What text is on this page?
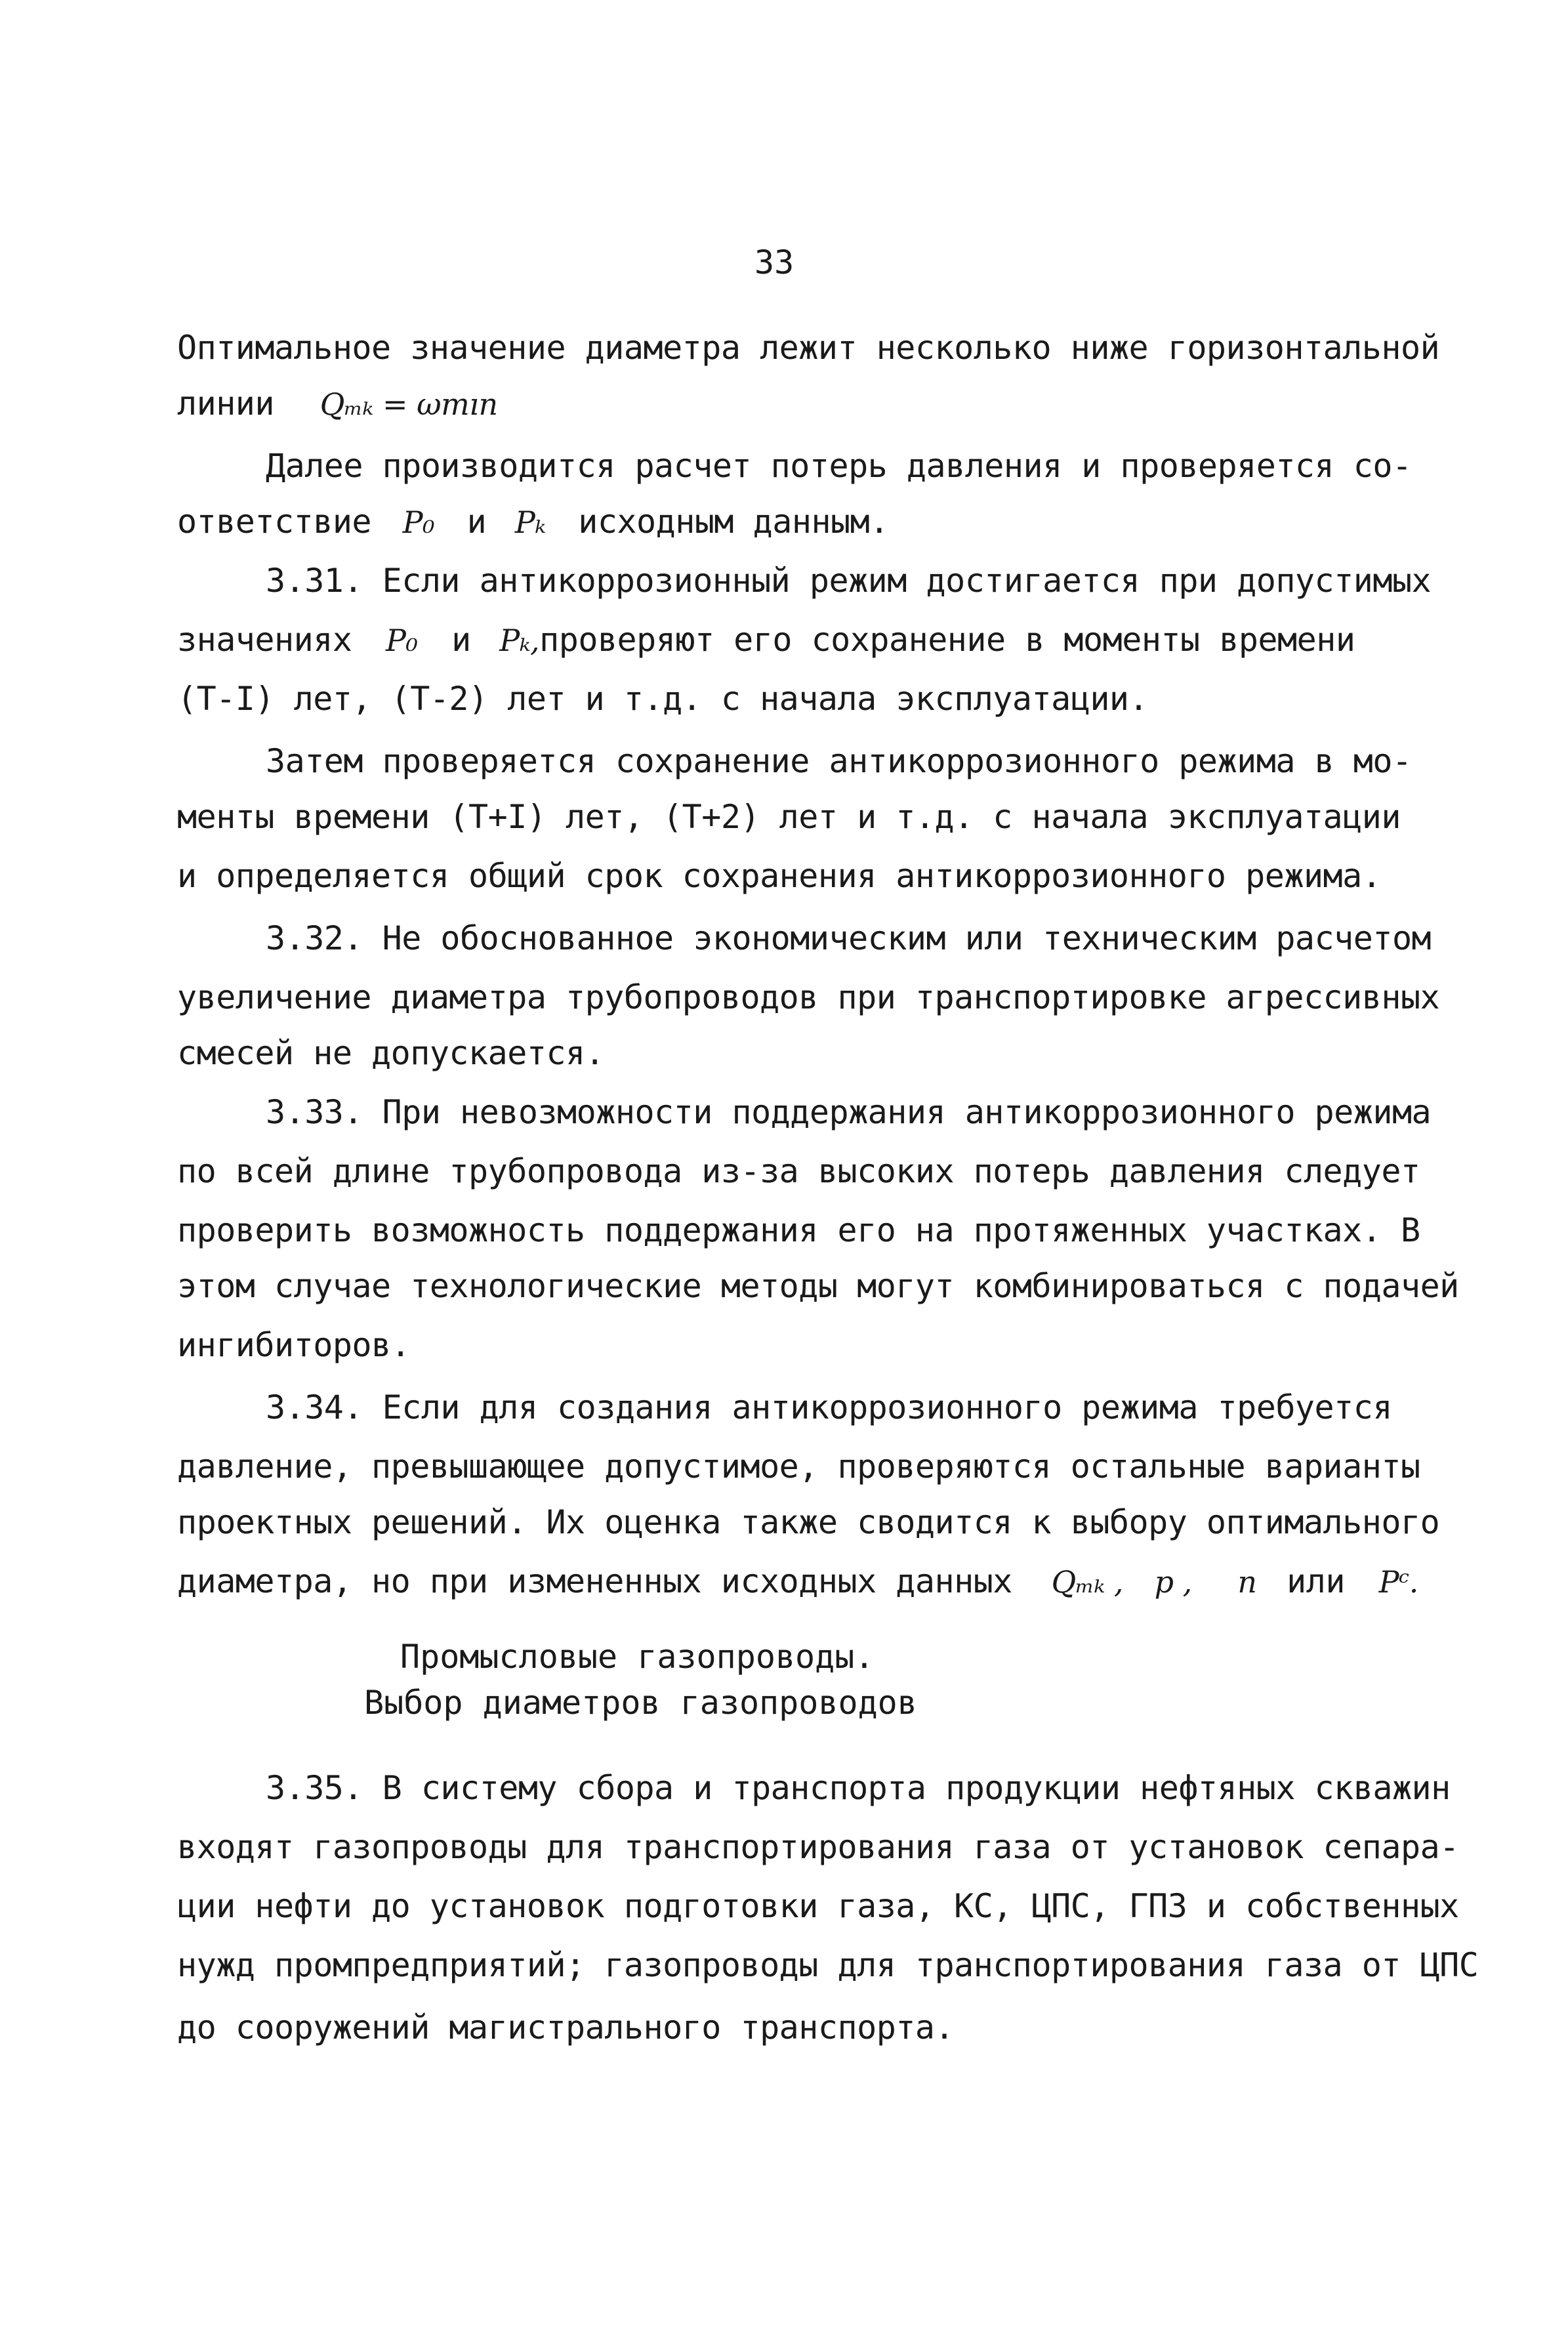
33
Оптимальное значение диаметра лежит несколько ниже горизонтальной
линии Qₘₖ = ωmın
Далее производится расчет потерь давления и проверяется со-
ответствие P₀ и Pₖ исходным данным.
3.31. Если антикоррозионный режим достигается при допустимых
значениях P₀ и Pₖ,проверяют его сохранение в моменты времени
(Т-I) лет, (Т-2) лет и т.д. с начала эксплуатации.
Затем проверяется сохранение антикоррозионного режима в мо-
менты времени (Т+I) лет, (Т+2) лет и т.д. с начала эксплуатации
и определяется общий срок сохранения антикоррозионного режима.
3.32. Не обоснованное экономическим или техническим расчетом
увеличение диаметра трубопроводов при транспортировке агрессивных
смесей не допускается.
3.33. При невозможности поддержания антикоррозионного режима
по всей длине трубопровода из-за высоких потерь давления следует
проверить возможность поддержания его на протяженных участках. В
этом случае технологические методы могут комбинироваться с подачей
ингибиторов.
3.34. Если для создания антикоррозионного режима требуется
давление, превышающее допустимое, проверяются остальные варианты
проектных решений. Их оценка также сводится к выбору оптимального
диаметра, но при измененных исходных данных Qₘₖ , p , n или Pᶜ.
Промысловые газопроводы.
Выбор диаметров газопроводов
3.35. В систему сбора и транспорта продукции нефтяных скважин
входят газопроводы для транспортирования газа от установок сепара-
ции нефти до установок подготовки газа, КС, ЦПС, ГПЗ и собственных
нужд промпредприятий; газопроводы для транспортирования газа от ЦПС
до сооружений магистрального транспорта.
